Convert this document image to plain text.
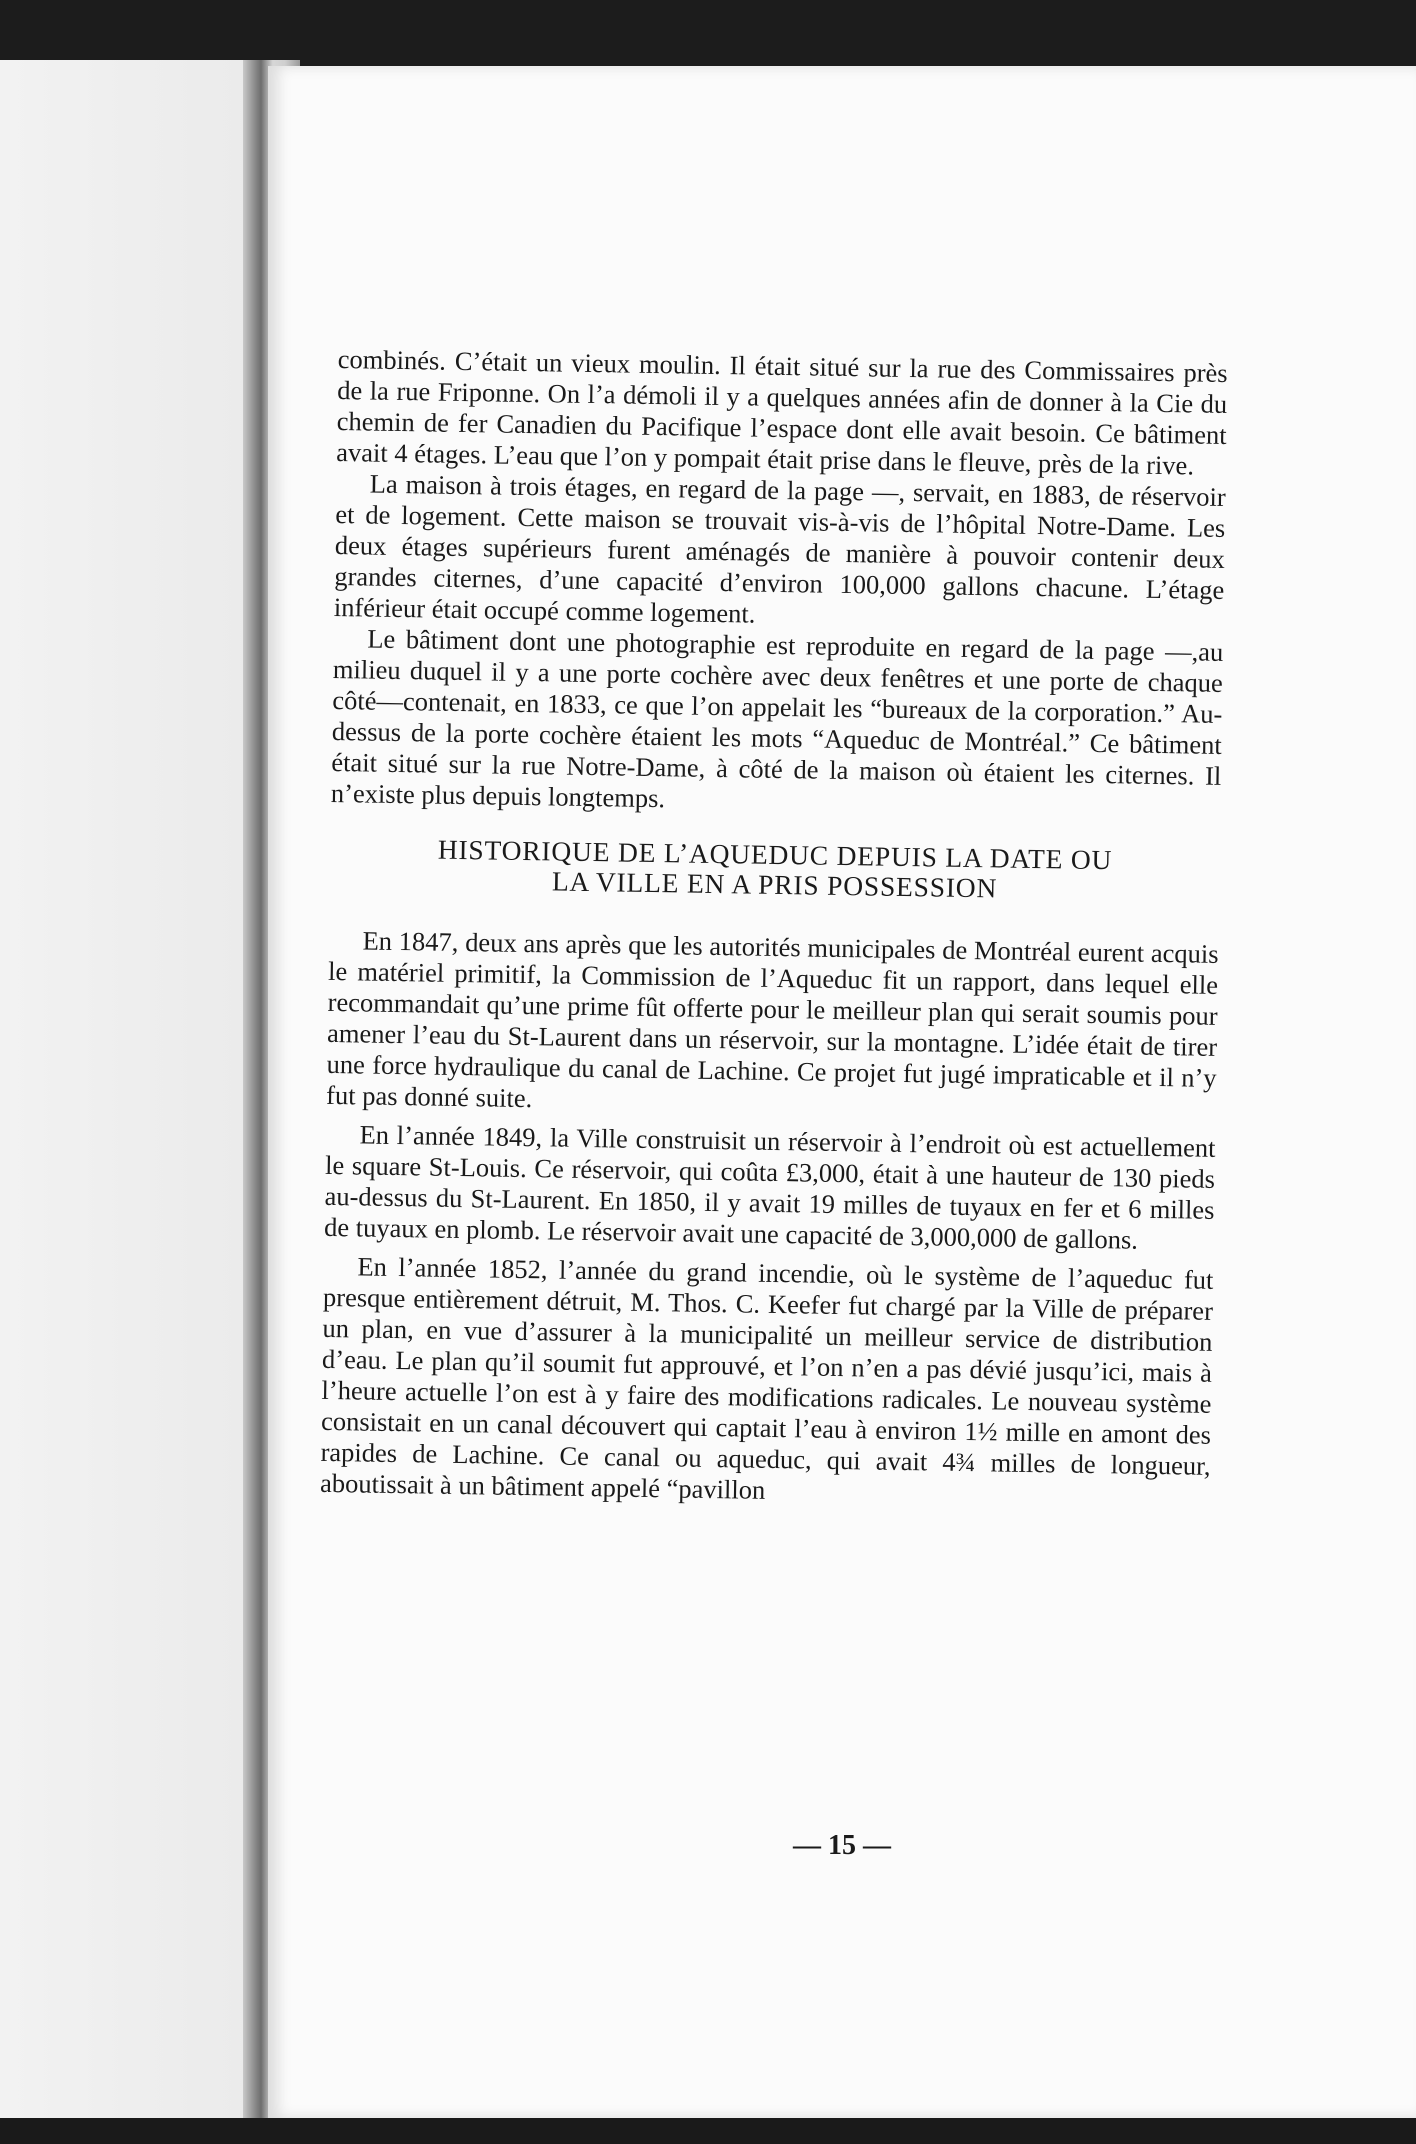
combinés. C’était un vieux moulin. Il était situé sur la rue des Commissaires près de la rue Friponne. On l’a démoli il y a quelques années afin de donner à la Cie du chemin de fer Canadien du Pacifique l’espace dont elle avait besoin. Ce bâtiment avait 4 étages. L’eau que l’on y pompait était prise dans le fleuve, près de la rive.

La maison à trois étages, en regard de la page —, servait, en 1883, de réservoir et de logement. Cette maison se trouvait vis-à-vis de l’hôpital Notre-Dame. Les deux étages supérieurs furent aménagés de manière à pouvoir contenir deux grandes citernes, d’une capacité d’environ 100,000 gallons chacune. L’étage inférieur était occupé comme logement.

Le bâtiment dont une photographie est reproduite en regard de la page —,au milieu duquel il y a une porte cochère avec deux fenêtres et une porte de chaque côté—contenait, en 1833, ce que l’on appelait les “bureaux de la corporation.” Au-dessus de la porte cochère étaient les mots “Aqueduc de Montréal.” Ce bâtiment était situé sur la rue Notre-Dame, à côté de la maison où étaient les citernes. Il n’existe plus depuis longtemps.

HISTORIQUE DE L’AQUEDUC DEPUIS LA DATE OU
LA VILLE EN A PRIS POSSESSION

En 1847, deux ans après que les autorités municipales de Montréal eurent acquis le matériel primitif, la Commission de l’Aqueduc fit un rapport, dans lequel elle recommandait qu’une prime fût offerte pour le meilleur plan qui serait soumis pour amener l’eau du St-Laurent dans un réservoir, sur la montagne. L’idée était de tirer une force hydraulique du canal de Lachine. Ce projet fut jugé impraticable et il n’y fut pas donné suite.

En l’année 1849, la Ville construisit un réservoir à l’endroit où est actuellement le square St-Louis. Ce réservoir, qui coûta £3,000, était à une hauteur de 130 pieds au-dessus du St-Laurent. En 1850, il y avait 19 milles de tuyaux en fer et 6 milles de tuyaux en plomb. Le réservoir avait une capacité de 3,000,000 de gallons.

En l’année 1852, l’année du grand incendie, où le système de l’aqueduc fut presque entièrement détruit, M. Thos. C. Keefer fut chargé par la Ville de préparer un plan, en vue d’assurer à la municipalité un meilleur service de distribution d’eau. Le plan qu’il soumit fut approuvé, et l’on n’en a pas dévié jusqu’ici, mais à l’heure actuelle l’on est à y faire des modifications radicales. Le nouveau système consistait en un canal découvert qui captait l’eau à environ 1½ mille en amont des rapides de Lachine. Ce canal ou aqueduc, qui avait 4¾ milles de longueur, aboutissait à un bâtiment appelé “pavillon

— 15 —
